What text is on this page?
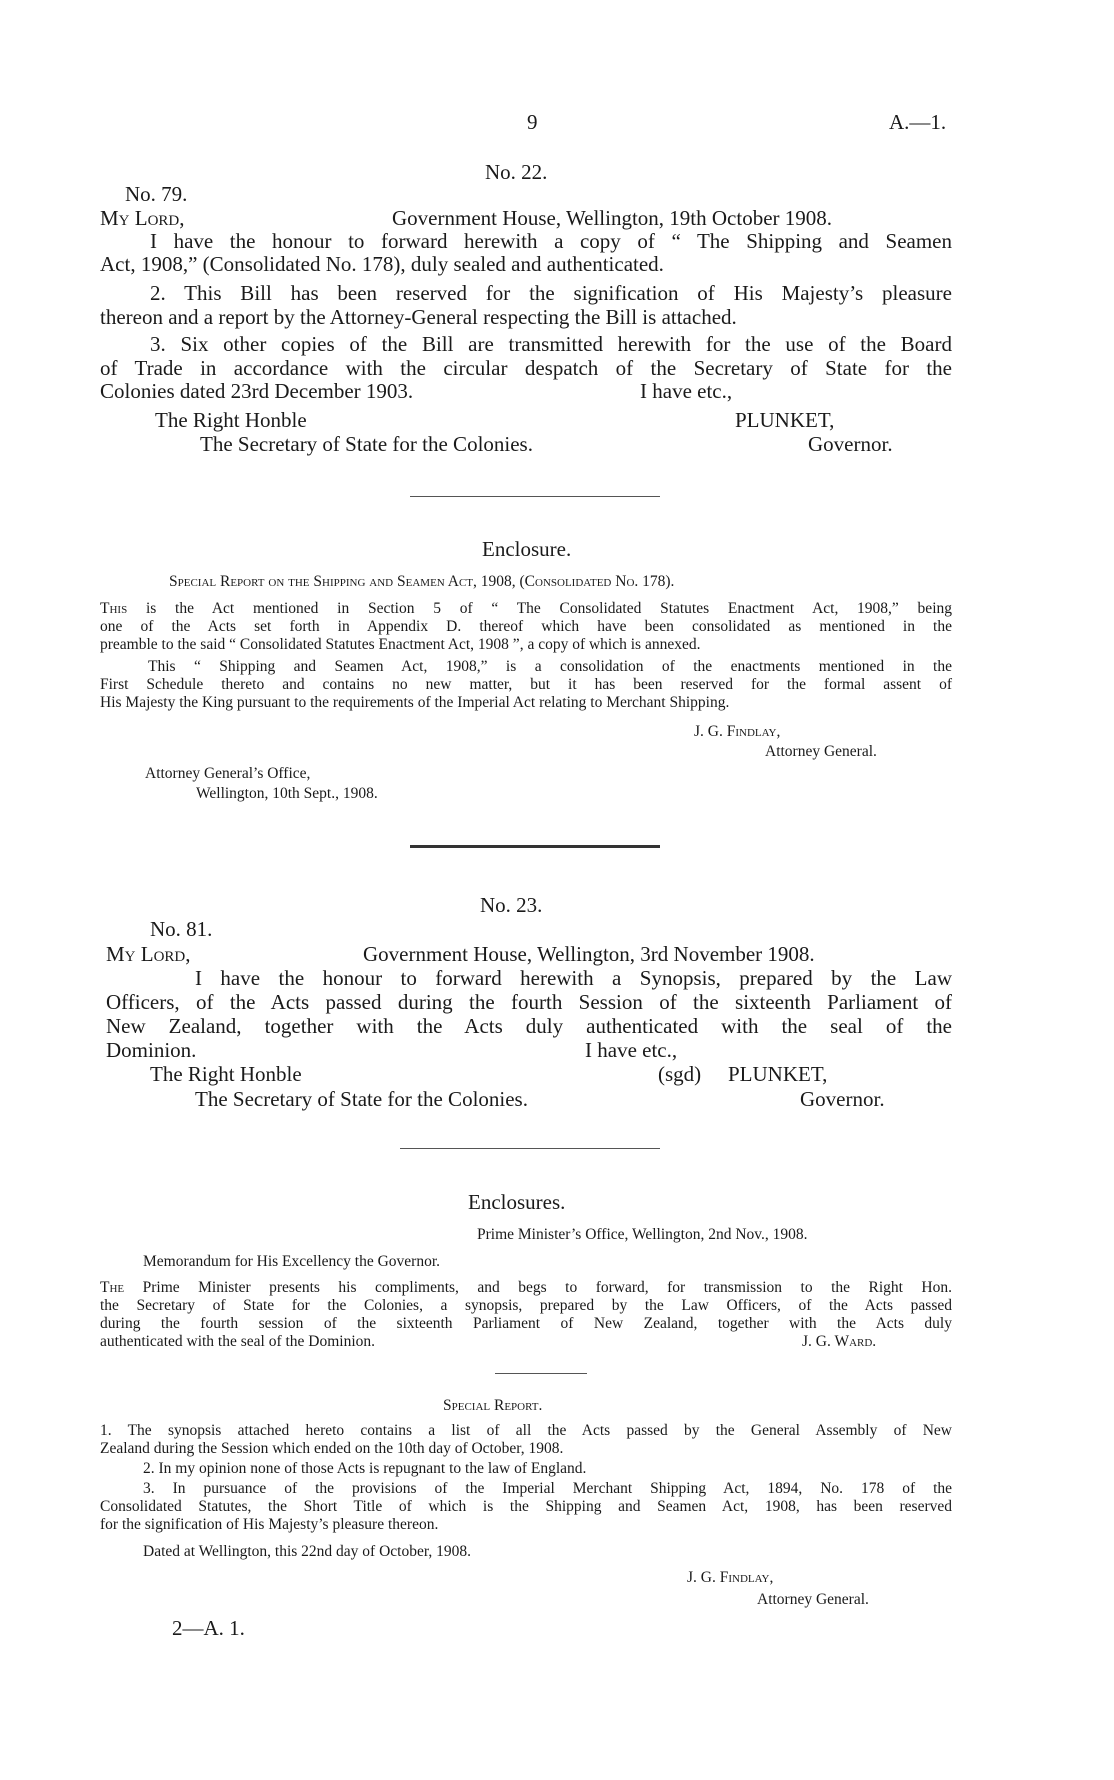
9	A.—1.
No. 22.
No. 79.
My Lord,	Government House, Wellington, 19th October 1908.
I have the honour to forward herewith a copy of “ The Shipping and Seamen
Act, 1908,” (Consolidated No. 178), duly sealed and authenticated.
2. This Bill has been reserved for the signification of His Majesty’s pleasure
thereon and a report by the Attorney-General respecting the Bill is attached.
3. Six other copies of the Bill are transmitted herewith for the use of the Board
of Trade in accordance with the circular despatch of the Secretary of State for the
Colonies dated 23rd December 1903.	I have etc.,
The Right Honble	PLUNKET,
The Secretary of State for the Colonies.	Governor.
Enclosure.
Special Report on the Shipping and Seamen Act, 1908, (Consolidated No. 178).
This is the Act mentioned in Section 5 of “ The Consolidated Statutes Enactment Act, 1908,” being
one of the Acts set forth in Appendix D. thereof which have been consolidated as mentioned in the
preamble to the said “ Consolidated Statutes Enactment Act, 1908 ”, a copy of which is annexed.
This “ Shipping and Seamen Act, 1908,” is a consolidation of the enactments mentioned in the
First Schedule thereto and contains no new matter, but it has been reserved for the formal assent of
His Majesty the King pursuant to the requirements of the Imperial Act relating to Merchant Shipping.
J. G. Findlay,
Attorney General.
Attorney General’s Office,
Wellington, 10th Sept., 1908.
No. 23.
No. 81.
My Lord,	Government House, Wellington, 3rd November 1908.
I have the honour to forward herewith a Synopsis, prepared by the Law
Officers, of the Acts passed during the fourth Session of the sixteenth Parliament of
New Zealand, together with the Acts duly authenticated with the seal of the
Dominion.	I have etc.,
The Right Honble	(sgd) PLUNKET,
The Secretary of State for the Colonies.	Governor.
Enclosures.
Prime Minister’s Office, Wellington, 2nd Nov., 1908.
Memorandum for His Excellency the Governor.
The Prime Minister presents his compliments, and begs to forward, for transmission to the Right Hon.
the Secretary of State for the Colonies, a synopsis, prepared by the Law Officers, of the Acts passed
during the fourth session of the sixteenth Parliament of New Zealand, together with the Acts duly
authenticated with the seal of the Dominion.	J. G. Ward.
Special Report.
1. The synopsis attached hereto contains a list of all the Acts passed by the General Assembly of New
Zealand during the Session which ended on the 10th day of October, 1908.
2. In my opinion none of those Acts is repugnant to the law of England.
3. In pursuance of the provisions of the Imperial Merchant Shipping Act, 1894, No. 178 of the
Consolidated Statutes, the Short Title of which is the Shipping and Seamen Act, 1908, has been reserved
for the signification of His Majesty’s pleasure thereon.
Dated at Wellington, this 22nd day of October, 1908.
J. G. Findlay,
Attorney General.
2—A. 1.
